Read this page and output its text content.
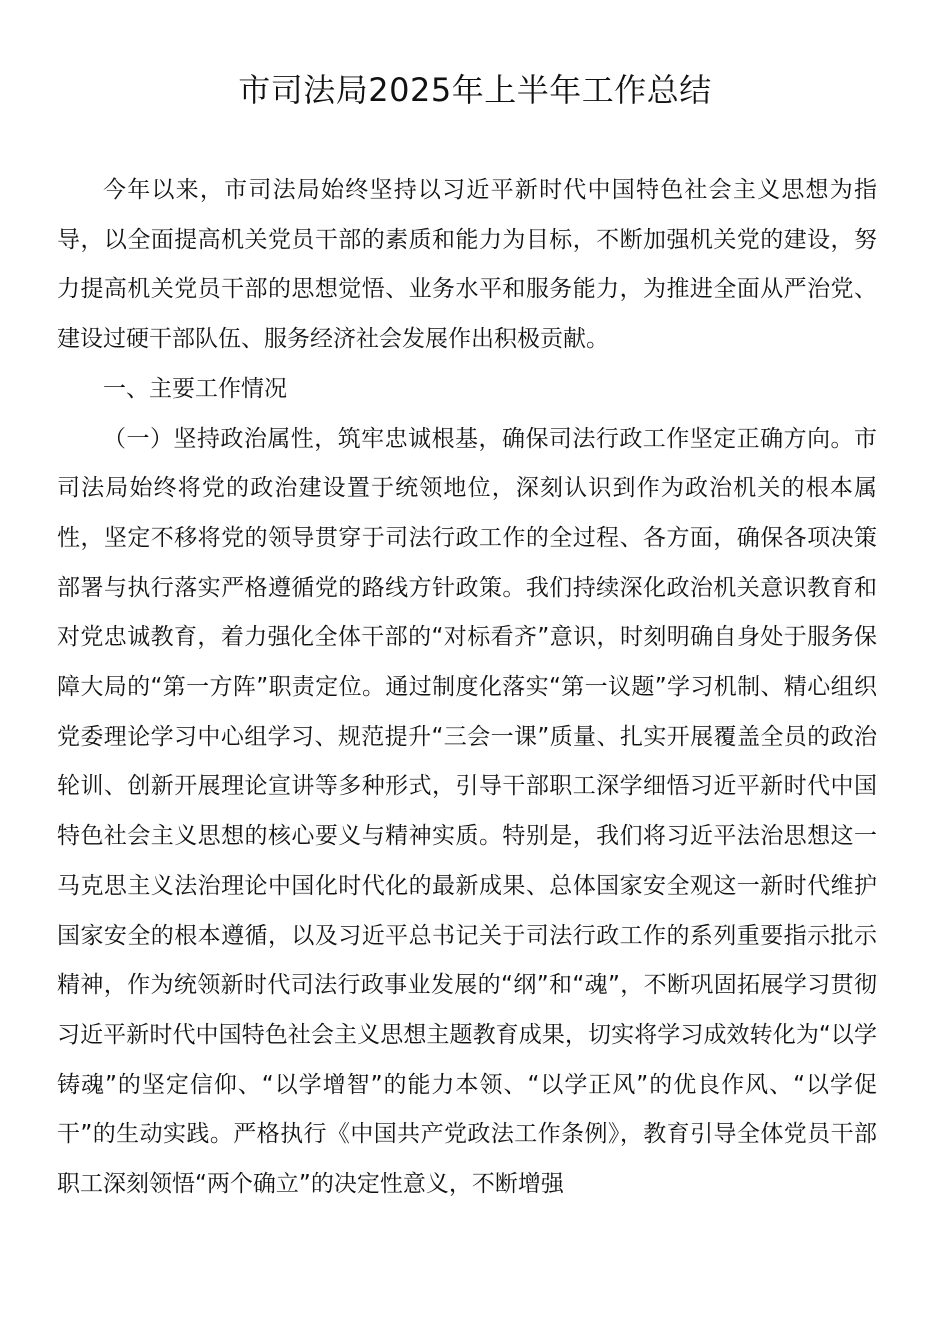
市司法局2025年上半年工作总结

今年以来，市司法局始终坚持以习近平新时代中国特色社会主义思想为指导，以全面提高机关党员干部的素质和能力为目标，不断加强机关党的建设，努力提高机关党员干部的思想觉悟、业务水平和服务能力，为推进全面从严治党、建设过硬干部队伍、服务经济社会发展作出积极贡献。

一、主要工作情况

（一）坚持政治属性，筑牢忠诚根基，确保司法行政工作坚定正确方向。市司法局始终将党的政治建设置于统领地位，深刻认识到作为政治机关的根本属性，坚定不移将党的领导贯穿于司法行政工作的全过程、各方面，确保各项决策部署与执行落实严格遵循党的路线方针政策。我们持续深化政治机关意识教育和对党忠诚教育，着力强化全体干部的“对标看齐”意识，时刻明确自身处于服务保障大局的“第一方阵”职责定位。通过制度化落实“第一议题”学习机制、精心组织党委理论学习中心组学习、规范提升“三会一课”质量、扎实开展覆盖全员的政治轮训、创新开展理论宣讲等多种形式，引导干部职工深学细悟习近平新时代中国特色社会主义思想的核心要义与精神实质。特别是，我们将习近平法治思想这一马克思主义法治理论中国化时代化的最新成果、总体国家安全观这一新时代维护国家安全的根本遵循，以及习近平总书记关于司法行政工作的系列重要指示批示精神，作为统领新时代司法行政事业发展的“纲”和“魂”，不断巩固拓展学习贯彻习近平新时代中国特色社会主义思想主题教育成果，切实将学习成效转化为“以学铸魂”的坚定信仰、“以学增智”的能力本领、“以学正风”的优良作风、“以学促干”的生动实践。严格执行《中国共产党政法工作条例》，教育引导全体党员干部职工深刻领悟“两个确立”的决定性意义，不断增强
